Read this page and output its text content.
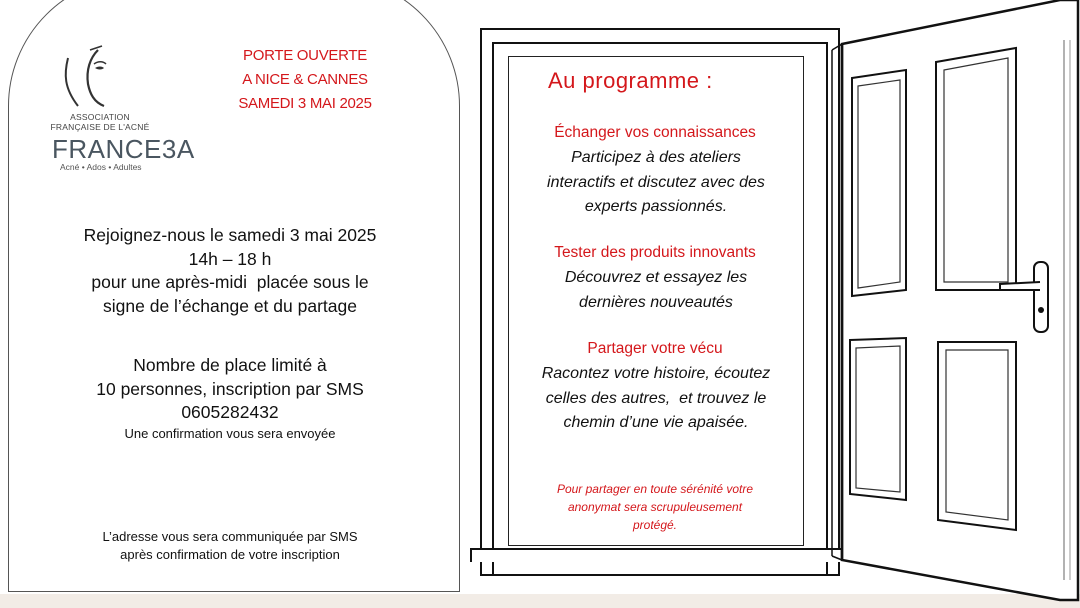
ASSOCIATION
FRANÇAISE DE L'ACNÉ
FRANCE3A
Acné • Ados • Adultes
PORTE OUVERTE
A NICE & CANNES
SAMEDI 3 MAI 2025
Rejoignez-nous le samedi 3 mai 2025
14h – 18 h
pour une après-midi  placée sous le
signe de l’échange et du partage
Nombre de place limité à
10 personnes, inscription par SMS
0605282432
Une confirmation vous sera envoyée
L’adresse vous sera communiquée par SMS
après confirmation de votre inscription
Au programme :
Échanger vos connaissances
Participez à des ateliers
interactifs et discutez avec des
experts passionnés.
Tester des produits innovants
Découvrez et essayez les
dernières nouveautés
Partager votre vécu
Racontez votre histoire, écoutez
celles des autres,  et trouvez le
chemin d’une vie apaisée.
Pour partager en toute sérénité votre
anonymat sera scrupuleusement
protégé.
